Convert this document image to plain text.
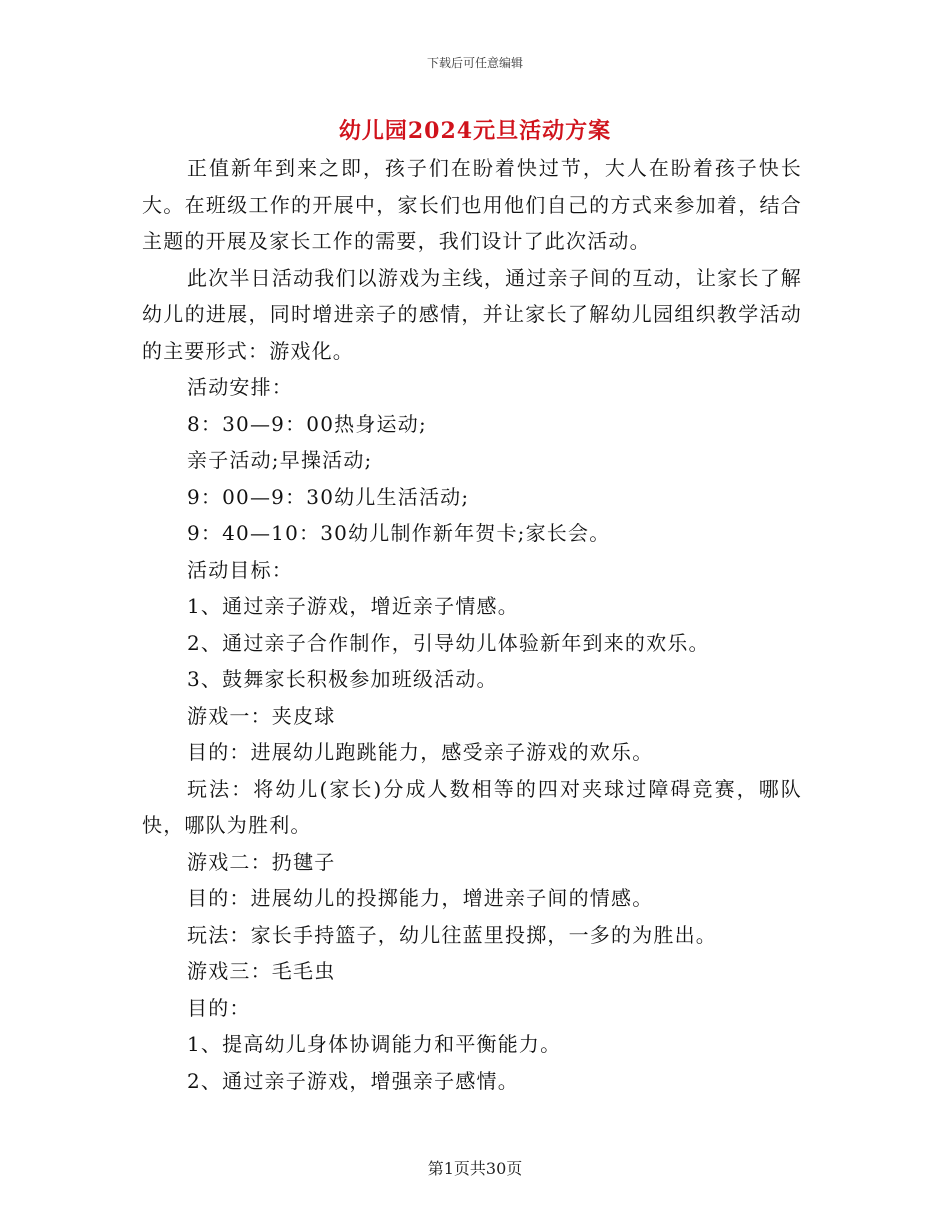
下载后可任意编辑
幼儿园2024元旦活动方案

正值新年到来之即，孩子们在盼着快过节，大人在盼着孩子快长大。在班级工作的开展中，家长们也用他们自己的方式来参加着，结合主题的开展及家长工作的需要，我们设计了此次活动。

此次半日活动我们以游戏为主线，通过亲子间的互动，让家长了解幼儿的进展，同时增进亲子的感情，并让家长了解幼儿园组织教学活动的主要形式：游戏化。

活动安排：

8：30—9：00热身运动;

亲子活动;早操活动;

9：00—9：30幼儿生活活动;

9：40—10：30幼儿制作新年贺卡;家长会。

活动目标：

1、通过亲子游戏，增近亲子情感。

2、通过亲子合作制作，引导幼儿体验新年到来的欢乐。

3、鼓舞家长积极参加班级活动。

游戏一：夹皮球

目的：进展幼儿跑跳能力，感受亲子游戏的欢乐。

玩法：将幼儿(家长)分成人数相等的四对夹球过障碍竞赛，哪队快，哪队为胜利。

游戏二：扔毽子

目的：进展幼儿的投掷能力，增进亲子间的情感。

玩法：家长手持篮子，幼儿往蓝里投掷，一多的为胜出。

游戏三：毛毛虫

目的：

1、提高幼儿身体协调能力和平衡能力。

2、通过亲子游戏，增强亲子感情。

第1页共30页
